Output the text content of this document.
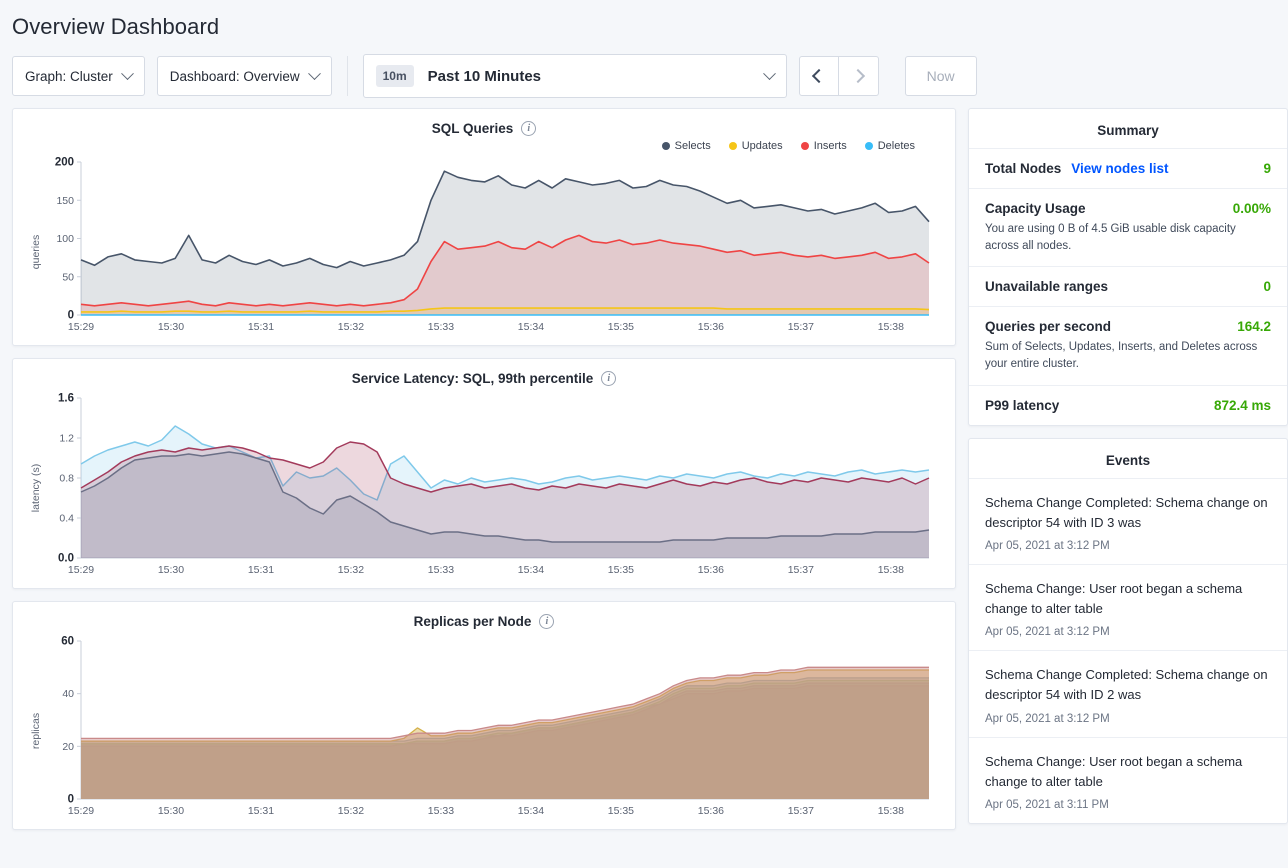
Overview Dashboard
Graph: Cluster	Dashboard: Overview	10m	Past 10 Minutes	Now
SQL Queries	i
Selects	Updates	Inserts	Deletes
0
50
100
150
200
15:29	15:30	15:31	15:32	15:33	15:34	15:35	15:36	15:37	15:38
queries
Service Latency: SQL, 99th percentile	i
0.0
0.4
0.8
1.2
1.6
15:29	15:30	15:31	15:32	15:33	15:34	15:35	15:36	15:37	15:38
latency (s)
Replicas per Node	i
0
20
40
60
15:29	15:30	15:31	15:32	15:33	15:34	15:35	15:36	15:37	15:38
replicas
Summary
Total Nodes View nodes list	9
Capacity Usage	0.00%
You are using 0 B of 4.5 GiB usable disk capacity across all nodes.
Unavailable ranges	0
Queries per second	164.2
Sum of Selects, Updates, Inserts, and Deletes across your entire cluster.
P99 latency	872.4 ms
Events
Schema Change Completed: Schema change on descriptor 54 with ID 3 was
Apr 05, 2021 at 3:12 PM
Schema Change: User root began a schema change to alter table
Apr 05, 2021 at 3:12 PM
Schema Change Completed: Schema change on descriptor 54 with ID 2 was
Apr 05, 2021 at 3:12 PM
Schema Change: User root began a schema change to alter table
Apr 05, 2021 at 3:11 PM
